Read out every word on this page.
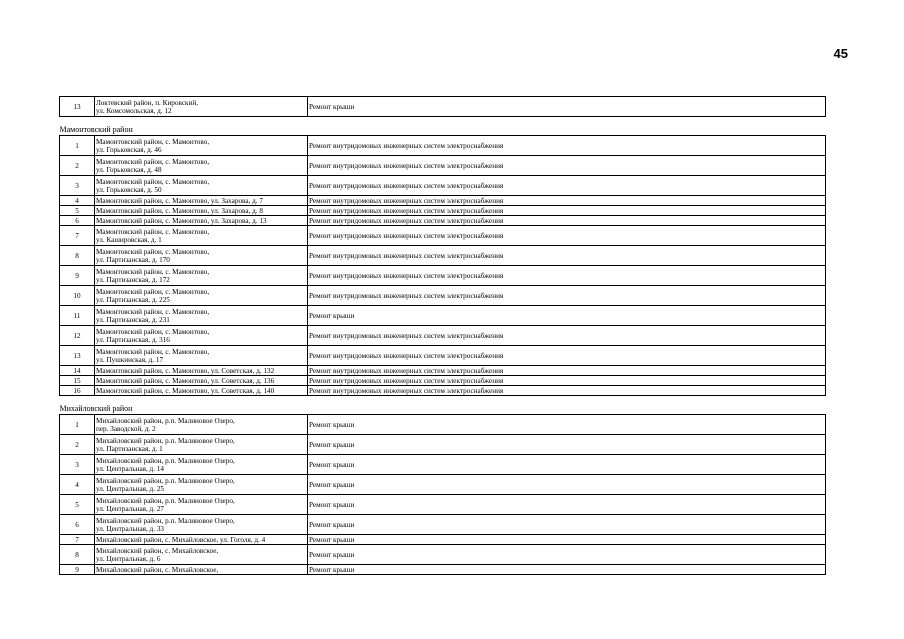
45
13	Локтевский район, п. Кировский,
ул. Комсомольская, д. 12	Ремонт крыши

Мамонтовский район		
1	Мамонтовский район, с. Мамонтово,
ул. Горьковская, д. 46	Ремонт внутридомовых инженерных систем электроснабжения
2	Мамонтовский район, с. Мамонтово,
ул. Горьковская, д. 48	Ремонт внутридомовых инженерных систем электроснабжения
3	Мамонтовский район, с. Мамонтово,
ул. Горьковская, д. 50	Ремонт внутридомовых инженерных систем электроснабжения
4	Мамонтовский район, с. Мамонтово, ул. Захарова, д. 7	Ремонт внутридомовых инженерных систем электроснабжения
5	Мамонтовский район, с. Мамонтово, ул. Захарова, д. 8	Ремонт внутридомовых инженерных систем электроснабжения
6	Мамонтовский район, с. Мамонтово, ул. Захарова, д. 13	Ремонт внутридомовых инженерных систем электроснабжения
7	Мамонтовский район, с. Мамонтово,
ул. Кашировская, д. 1	Ремонт внутридомовых инженерных систем электроснабжения
8	Мамонтовский район, с. Мамонтово,
ул. Партизанская, д. 170	Ремонт внутридомовых инженерных систем электроснабжения
9	Мамонтовский район, с. Мамонтово,
ул. Партизанская, д. 172	Ремонт внутридомовых инженерных систем электроснабжения
10	Мамонтовский район, с. Мамонтово,
ул. Партизанская, д. 225	Ремонт внутридомовых инженерных систем электроснабжения
11	Мамонтовский район, с. Мамонтово,
ул. Партизанская, д. 231	Ремонт крыши
12	Мамонтовский район, с. Мамонтово,
ул. Партизанская, д. 316	Ремонт внутридомовых инженерных систем электроснабжения
13	Мамонтовский район, с. Мамонтово,
ул. Пушкинская, д. 17	Ремонт внутридомовых инженерных систем электроснабжения
14	Мамонтовский район, с. Мамонтово, ул. Советская, д. 132	Ремонт внутридомовых инженерных систем электроснабжения
15	Мамонтовский район, с. Мамонтово, ул. Советская, д. 136	Ремонт внутридомовых инженерных систем электроснабжения
16	Мамонтовский район, с. Мамонтово, ул. Советская, д. 140	Ремонт внутридомовых инженерных систем электроснабжения

Михайловский район		
1	Михайловский район, р.п. Малиновое Озеро,
пер. Заводской, д. 2	Ремонт крыши
2	Михайловский район, р.п. Малиновое Озеро,
ул. Партизанская, д. 1	Ремонт крыши
3	Михайловский район, р.п. Малиновое Озеро,
ул. Центральная, д. 14	Ремонт крыши
4	Михайловский район, р.п. Малиновое Озеро,
ул. Центральная, д. 25	Ремонт крыши
5	Михайловский район, р.п. Малиновое Озеро,
ул. Центральная, д. 27	Ремонт крыши
6	Михайловский район, р.п. Малиновое Озеро,
ул. Центральная, д. 33	Ремонт крыши
7	Михайловский район, с. Михайловское, ул. Гоголя, д. 4	Ремонт крыши
8	Михайловский район, с. Михайловское,
ул. Центральная, д. 6	Ремонт крыши
9	Михайловский район, с. Михайловское,	Ремонт крыши
